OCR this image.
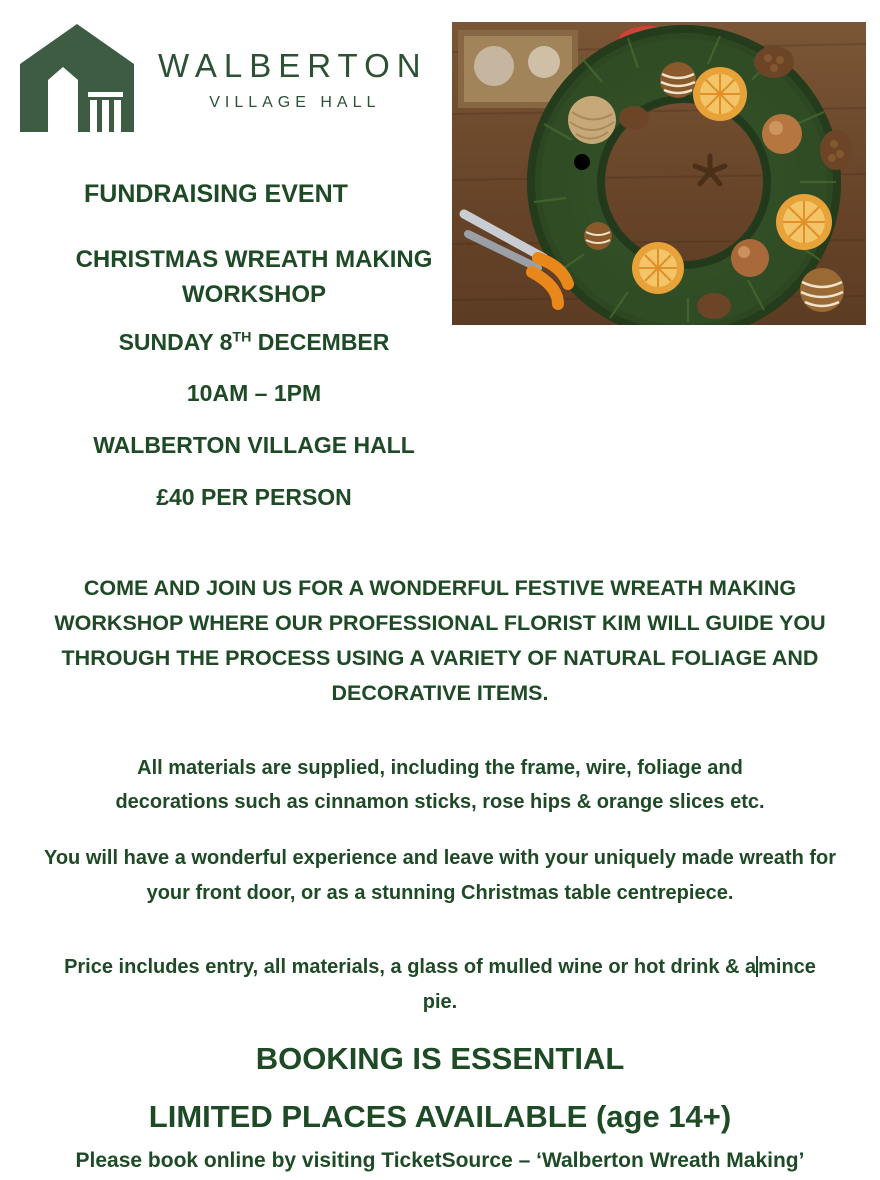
WALBERTON
VILLAGE HALL
FUNDRAISING EVENT
CHRISTMAS WREATH MAKING
WORKSHOP
SUNDAY 8TH DECEMBER
10AM – 1PM
WALBERTON VILLAGE HALL
£40 PER PERSON
COME AND JOIN US FOR A WONDERFUL FESTIVE WREATH MAKING WORKSHOP WHERE OUR PROFESSIONAL FLORIST KIM WILL GUIDE YOU THROUGH THE PROCESS USING A VARIETY OF NATURAL FOLIAGE AND DECORATIVE ITEMS.
All materials are supplied, including the frame, wire, foliage and decorations such as cinnamon sticks, rose hips & orange slices etc.
You will have a wonderful experience and leave with your uniquely made wreath for your front door, or as a stunning Christmas table centrepiece.
Price includes entry, all materials, a glass of mulled wine or hot drink & a mince pie.
BOOKING IS ESSENTIAL
LIMITED PLACES AVAILABLE (age 14+)
Please book online by visiting TicketSource – ‘Walberton Wreath Making’
